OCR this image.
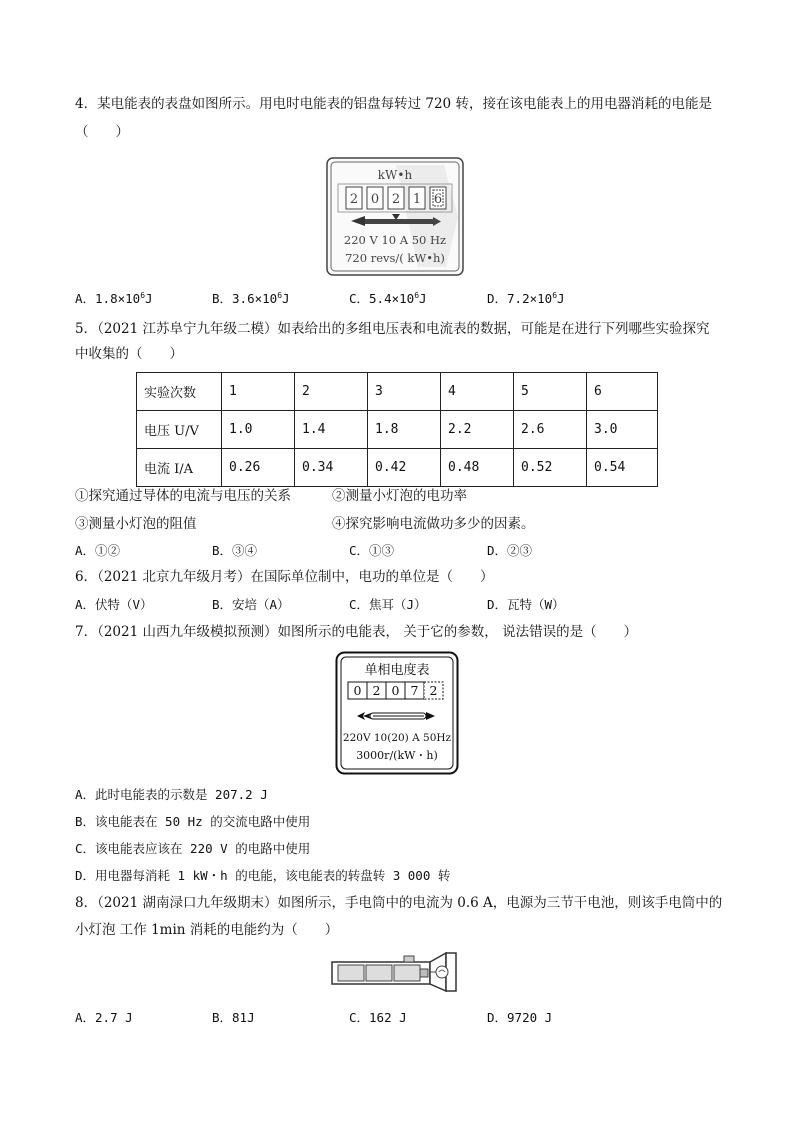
4．某电能表的表盘如图所示。用电时电能表的铝盘每转过 720 转，接在该电能表上的用电器消耗的电能是
（　　）
kW•h
2 0 2 1 6
220 V 10 A 50 Hz
720 revs/( kW•h)
A．$1.8\times 10^6J$	B．$3.6\times 10^6J$	C．$5.4\times 10^6J$	D．$7.2\times 10^6J$
5．（2021 江苏阜宁九年级二模）如表给出的多组电压表和电流表的数据，可能是在进行下列哪些实验探究
中收集的（　　）
实验次数	1	2	3	4	5	6
电压 U/V	1.0	1.4	1.8	2.2	2.6	3.0
电流 I/A	0.26	0.34	0.42	0.48	0.52	0.54
①探究通过导体的电流与电压的关系	②测量小灯泡的电功率
③测量小灯泡的阻值	④探究影响电流做功多少的因素。
A．①②	B．③④	C．①③	D．②③
6．（2021 北京九年级月考）在国际单位制中，电功的单位是（　　）
A．伏特（V）	B．安培（A）	C．焦耳（J）	D．瓦特（W）
7．（2021 山西九年级模拟预测）如图所示的电能表， 关于它的参数， 说法错误的是（　　）
单相电度表
0 2 0 7 2
220V 10(20) A 50Hz
3000r/(kW・h)
A．此时电能表的示数是 207.2 J
B．该电能表在 50 Hz 的交流电路中使用
C．该电能表应该在 220 V 的电路中使用
D．用电器每消耗 1 kW・h 的电能，该电能表的转盘转 3 000 转
8．（2021 湖南渌口九年级期末）如图所示，手电筒中的电流为 0.6 A，电源为三节干电池，则该手电筒中的
小灯泡 工作 1min 消耗的电能约为（　　）
A．2.7 J	B．81J	C．162 J	D．9720 J
